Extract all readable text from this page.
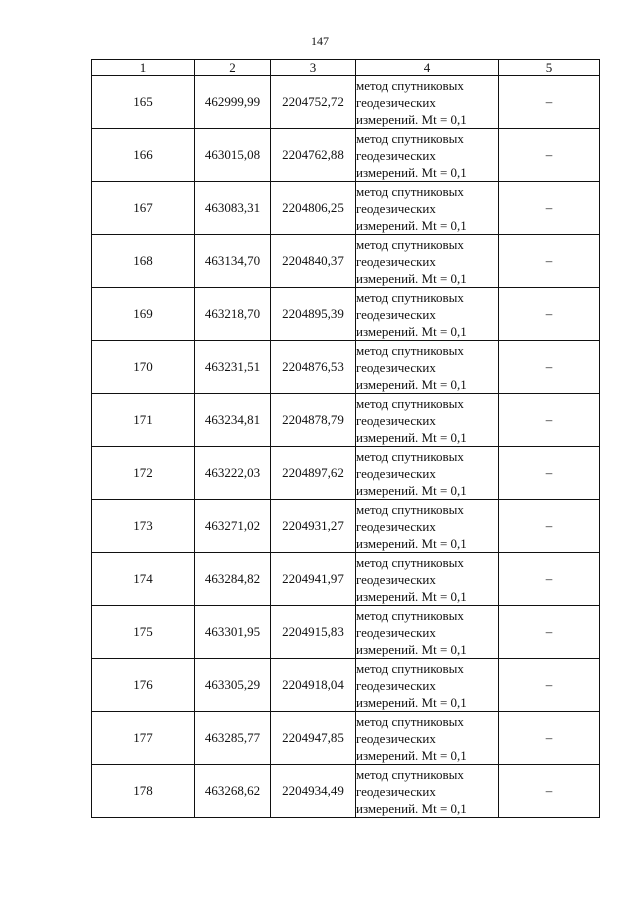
147
1	2	3	4	5
165	462999,99	2204752,72	метод спутниковых
геодезических
измерений. Mt = 0,1	–
166	463015,08	2204762,88	метод спутниковых
геодезических
измерений. Mt = 0,1	–
167	463083,31	2204806,25	метод спутниковых
геодезических
измерений. Mt = 0,1	–
168	463134,70	2204840,37	метод спутниковых
геодезических
измерений. Mt = 0,1	–
169	463218,70	2204895,39	метод спутниковых
геодезических
измерений. Mt = 0,1	–
170	463231,51	2204876,53	метод спутниковых
геодезических
измерений. Mt = 0,1	–
171	463234,81	2204878,79	метод спутниковых
геодезических
измерений. Mt = 0,1	–
172	463222,03	2204897,62	метод спутниковых
геодезических
измерений. Mt = 0,1	–
173	463271,02	2204931,27	метод спутниковых
геодезических
измерений. Mt = 0,1	–
174	463284,82	2204941,97	метод спутниковых
геодезических
измерений. Mt = 0,1	–
175	463301,95	2204915,83	метод спутниковых
геодезических
измерений. Mt = 0,1	–
176	463305,29	2204918,04	метод спутниковых
геодезических
измерений. Mt = 0,1	–
177	463285,77	2204947,85	метод спутниковых
геодезических
измерений. Mt = 0,1	–
178	463268,62	2204934,49	метод спутниковых
геодезических
измерений. Mt = 0,1	–
